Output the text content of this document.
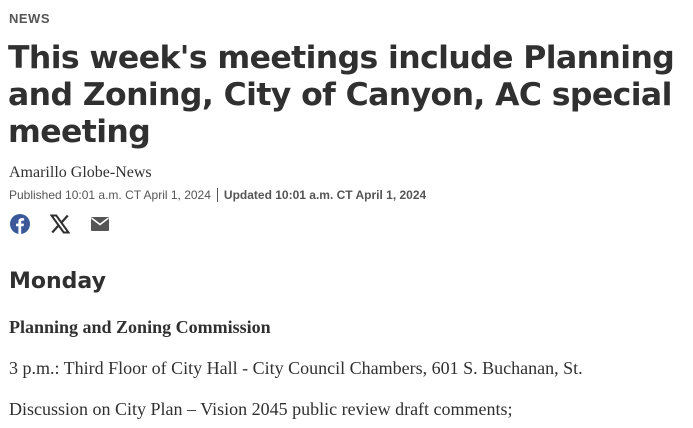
NEWS
This week's meetings include Planning and Zoning, City of Canyon, AC special meeting
Amarillo Globe-News
Published 10:01 a.m. CT April 1, 2024 Updated 10:01 a.m. CT April 1, 2024
Monday
Planning and Zoning Commission

3 p.m.: Third Floor of City Hall - City Council Chambers, 601 S. Buchanan, St.

Discussion on City Plan – Vision 2045 public review draft comments;
